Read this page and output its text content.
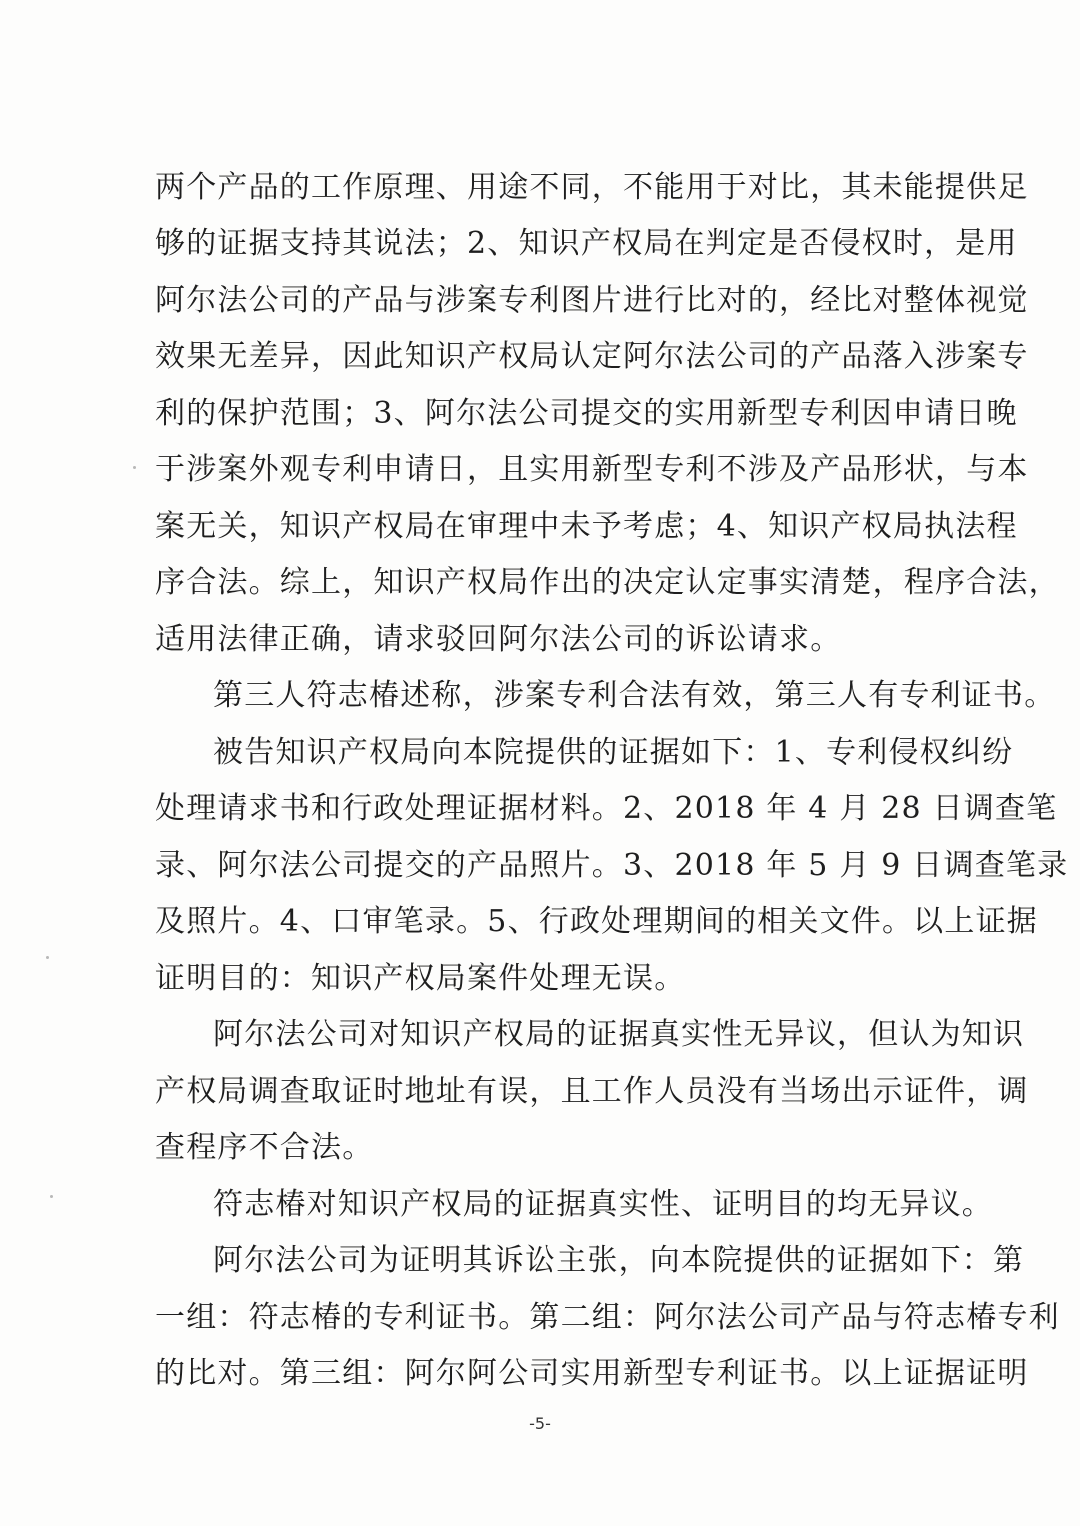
两个产品的工作原理、用途不同，不能用于对比，其未能提供足
够的证据支持其说法；2、知识产权局在判定是否侵权时，是用
阿尔法公司的产品与涉案专利图片进行比对的，经比对整体视觉
效果无差异，因此知识产权局认定阿尔法公司的产品落入涉案专
利的保护范围；3、阿尔法公司提交的实用新型专利因申请日晚
于涉案外观专利申请日，且实用新型专利不涉及产品形状，与本
案无关，知识产权局在审理中未予考虑；4、知识产权局执法程
序合法。综上，知识产权局作出的决定认定事实清楚，程序合法，
适用法律正确，请求驳回阿尔法公司的诉讼请求。
第三人符志椿述称，涉案专利合法有效，第三人有专利证书。
被告知识产权局向本院提供的证据如下：1、专利侵权纠纷
处理请求书和行政处理证据材料。2、2018 年 4 月 28 日调查笔
录、阿尔法公司提交的产品照片。3、2018 年 5 月 9 日调查笔录
及照片。4、口审笔录。5、行政处理期间的相关文件。以上证据
证明目的：知识产权局案件处理无误。
阿尔法公司对知识产权局的证据真实性无异议，但认为知识
产权局调查取证时地址有误，且工作人员没有当场出示证件，调
查程序不合法。
符志椿对知识产权局的证据真实性、证明目的均无异议。
阿尔法公司为证明其诉讼主张，向本院提供的证据如下：第
一组：符志椿的专利证书。第二组：阿尔法公司产品与符志椿专利
的比对。第三组：阿尔阿公司实用新型专利证书。以上证据证明
-5-
